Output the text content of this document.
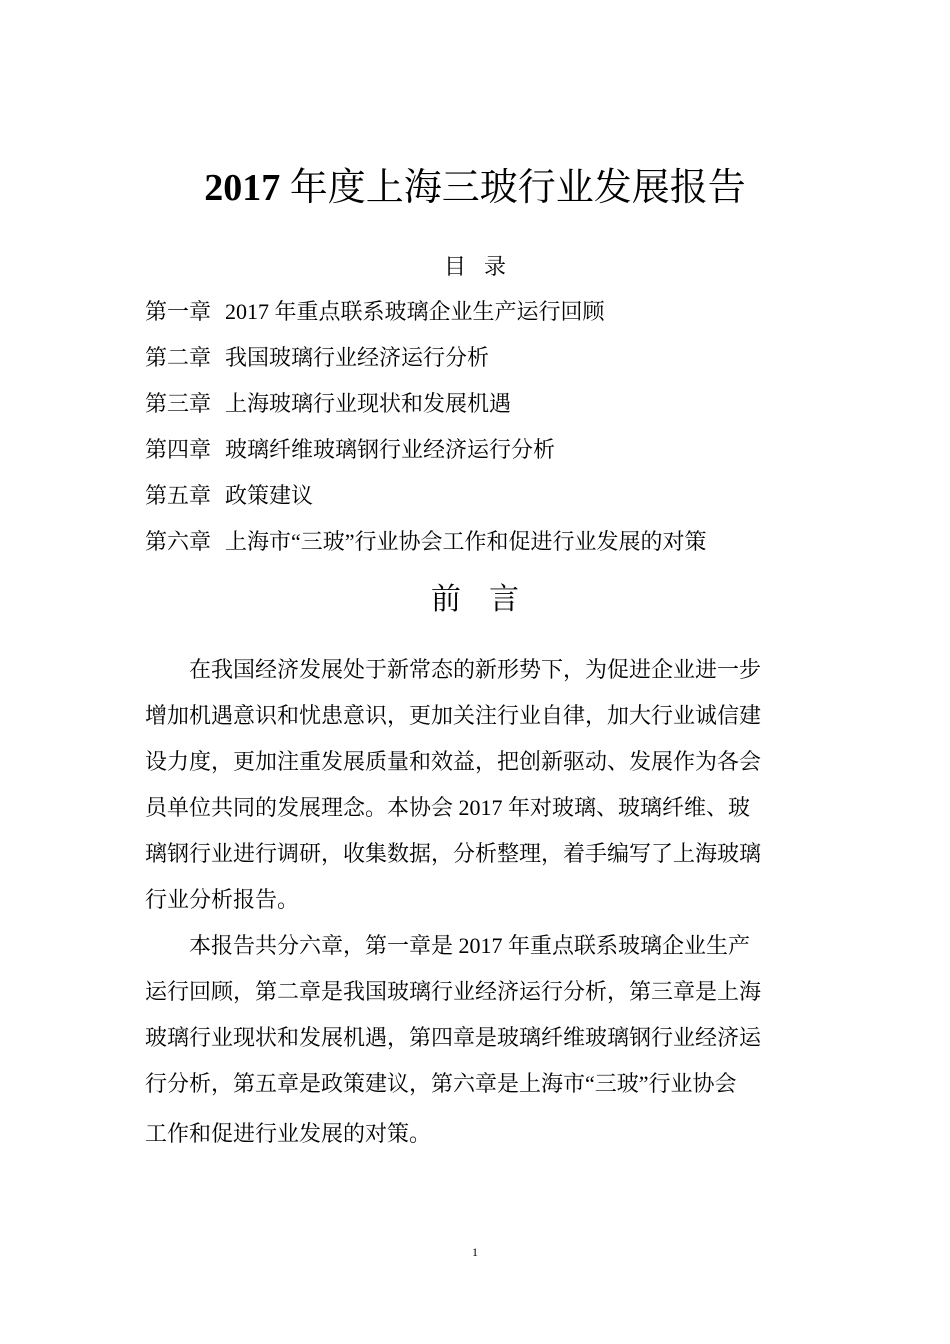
2017 年度上海三玻行业发展报告
目录
第一章 2017 年重点联系玻璃企业生产运行回顾
第二章 我国玻璃行业经济运行分析
第三章 上海玻璃行业现状和发展机遇
第四章 玻璃纤维玻璃钢行业经济运行分析
第五章 政策建议
第六章 上海市“三玻”行业协会工作和促进行业发展的对策
前言

在我国经济发展处于新常态的新形势下，为促进企业进一步
增加机遇意识和忧患意识，更加关注行业自律，加大行业诚信建
设力度，更加注重发展质量和效益，把创新驱动、发展作为各会
员单位共同的发展理念。本协会 2017 年对玻璃、玻璃纤维、玻
璃钢行业进行调研，收集数据，分析整理，着手编写了上海玻璃
行业分析报告。

本报告共分六章，第一章是 2017 年重点联系玻璃企业生产
运行回顾，第二章是我国玻璃行业经济运行分析，第三章是上海
玻璃行业现状和发展机遇，第四章是玻璃纤维玻璃钢行业经济运
行分析，第五章是政策建议，第六章是上海市“三玻”行业协会
工作和促进行业发展的对策。

1
